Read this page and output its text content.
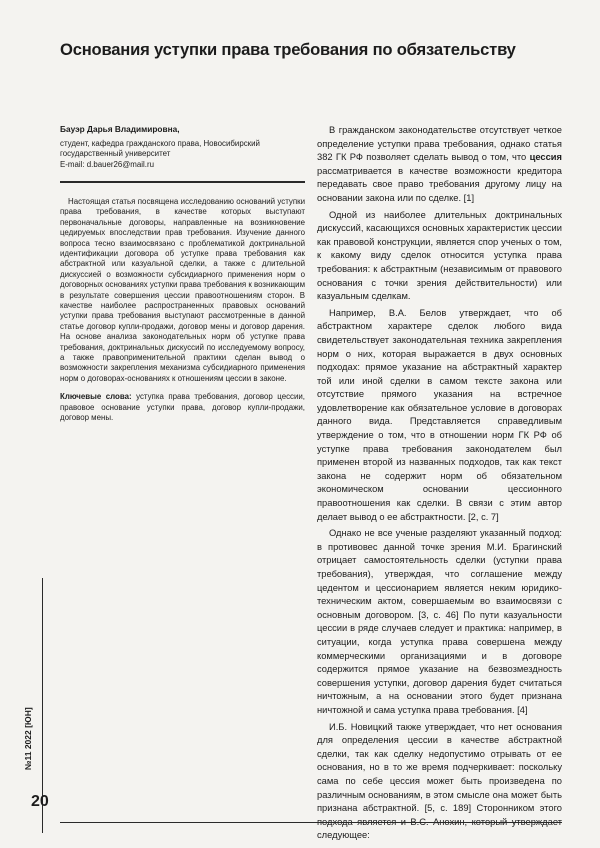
Основания уступки права требования по обязательству

Бауэр Дарья Владимировна,

студент, кафедра гражданского права, Новосибирский государственный университет

E-mail: d.bauer26@mail.ru

Настоящая статья посвящена исследованию оснований уступки права требования, в качестве которых выступают первоначальные договоры, направленные на возникновение цедируемых впоследствии прав требования. Изучение данного вопроса тесно взаимосвязано с проблематикой доктринальной идентификации договора об уступке права требования как абстрактной или казуальной сделки, а также с длительной дискуссией о возможности субсидиарного применения норм о договорных основаниях уступки права требования к возникающим в результате совершения цессии правоотношениям сторон. В качестве наиболее распространенных правовых оснований уступки права требования выступают рассмотренные в данной статье договор купли-продажи, договор мены и договор дарения. На основе анализа законодательных норм об уступке права требования, доктринальных дискуссий по исследуемому вопросу, а также правоприменительной практики сделан вывод о возможности закрепления механизма субсидиарного применения норм о договорах-основаниях к отношениям цессии в законе.

Ключевые слова: уступка права требования, договор цессии, правовое основание уступки права, договор купли-продажи, договор мены.

В гражданском законодательстве отсутствует четкое определение уступки права требования, однако статья 382 ГК РФ позволяет сделать вывод о том, что цессия рассматривается в качестве возможности кредитора передавать свое право требования другому лицу на основании закона или по сделке. [1]

Одной из наиболее длительных доктринальных дискуссий, касающихся основных характеристик цессии как правовой конструкции, является спор ученых о том, к какому виду сделок относится уступка права требования: к абстрактным (независимым от правового основания с точки зрения действительности) или казуальным сделкам.

Например, В.А. Белов утверждает, что об абстрактном характере сделок любого вида свидетельствует законодательная техника закрепления норм о них, которая выражается в двух основных подходах: прямое указание на абстрактный характер той или иной сделки в самом тексте закона или отсутствие прямого указания на встречное удовлетворение как обязательное условие в договорах данного вида. Представляется справедливым утверждение о том, что в отношении норм ГК РФ об уступке права требования законодателем был применен второй из названных подходов, так как текст закона не содержит норм об обязательном экономическом основании цессионного правоотношения как сделки. В связи с этим автор делает вывод о ее абстрактности. [2, с. 7]

Однако не все ученые разделяют указанный подход: в противовес данной точке зрения М.И. Брагинский отрицает самостоятельность сделки (уступки права требования), утверждая, что соглашение между цедентом и цессионарием является неким юридико-техническим актом, совершаемым во взаимосвязи с основным договором. [3, с. 46] По пути казуальности цессии в ряде случаев следует и практика: например, в ситуации, когда уступка права совершена между коммерческими организациями и в договоре содержится прямое указание на безвозмездность совершения уступки, договор дарения будет считаться ничтожным, а на основании этого будет признана ничтожной и сама уступка права требования. [4]

И.Б. Новицкий также утверждает, что нет основания для определения цессии в качестве абстрактной сделки, так как сделку недопустимо отрывать от ее основания, но в то же время подчеркивает: поскольку сама по себе цессия может быть произведена по различным основаниям, в этом смысле она может быть признана абстрактной. [5, с. 189] Сторонником этого подхода является и В.С. Анохин, который утверждает следующее:

№11 2022 [ЮН]
20
